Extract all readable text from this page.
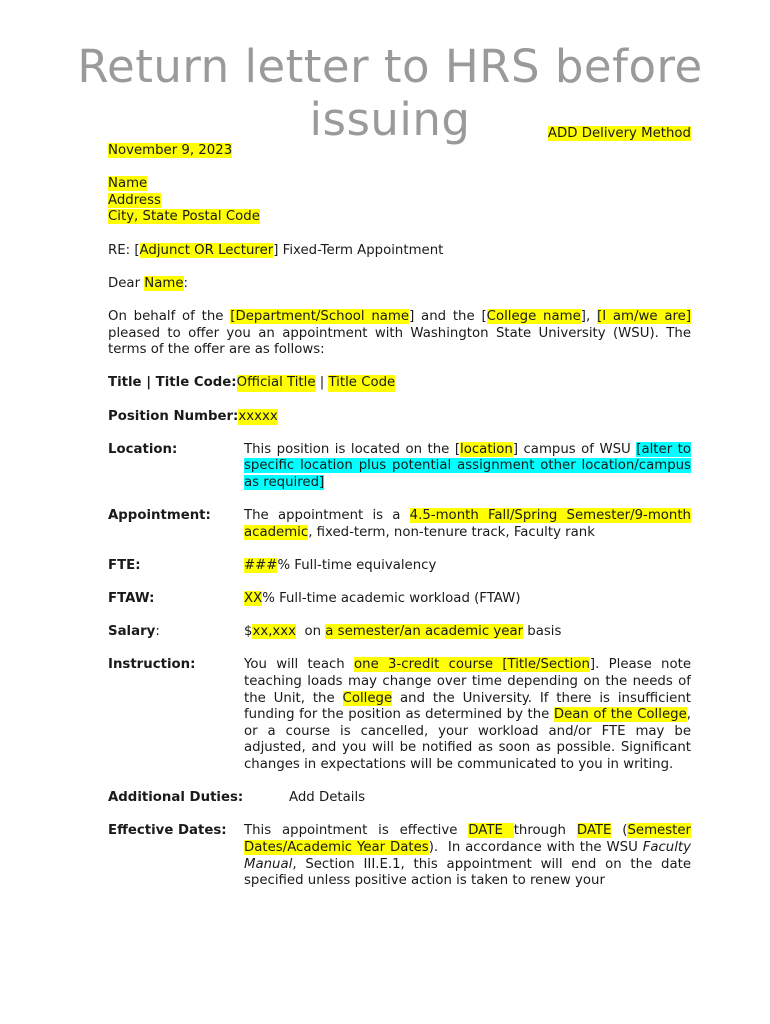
Return letter to HRS before issuing	ADD Delivery Method

November 9, 2023

Name

Address

City, State Postal Code

RE: [Adjunct OR Lecturer] Fixed-Term Appointment

Dear Name:

On behalf of the [Department/School name] and the [College name], [I am/we are] pleased to offer you an appointment with Washington State University (WSU). The terms of the offer are as follows:

Title | Title Code: Official Title | Title Code
Position Number: xxxxx
Location:	This position is located on the [location] campus of WSU [alter to specific location plus potential assignment other location/campus as required]
Appointment:	The appointment is a 4.5-month Fall/Spring Semester/9-month academic, fixed-term, non-tenure track, Faculty rank
FTE:	###% Full-time equivalency
FTAW:	XX% Full-time academic workload (FTAW)
Salary:	$xx,xxx  on a semester/an academic year basis
Instruction:	You will teach one 3-credit course [Title/Section]. Please note teaching loads may change over time depending on the needs of the Unit, the College and the University. If there is insufficient funding for the position as determined by the Dean of the College, or a course is cancelled, your workload and/or FTE may be adjusted, and you will be notified as soon as possible. Significant changes in expectations will be communicated to you in writing.
Additional Duties:	Add Details
Effective Dates:	This appointment is effective DATE through DATE (Semester Dates/Academic Year Dates).  In accordance with the WSU Faculty Manual, Section III.E.1, this appointment will end on the date specified unless positive action is taken to renew your
